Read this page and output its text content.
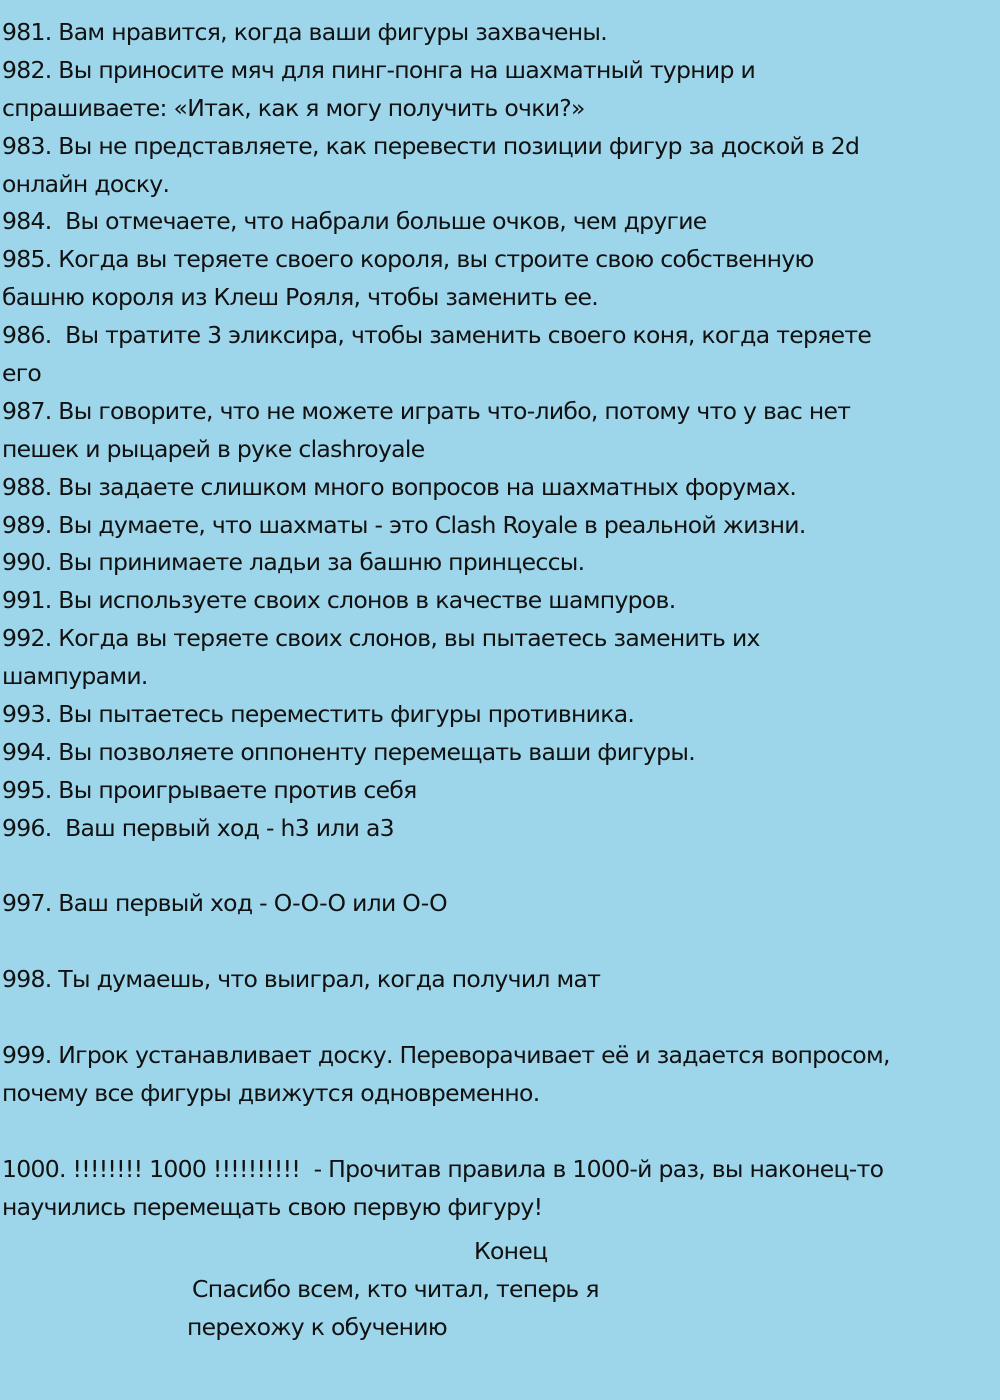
981. Вам нравится, когда ваши фигуры захвачены.
982. Вы приносите мяч для пинг-понга на шахматный турнир и
спрашиваете: «Итак, как я могу получить очки?»
983. Вы не представляете, как перевести позиции фигур за доской в 2d
онлайн доску.
984.  Вы отмечаете, что набрали больше очков, чем другие
985. Когда вы теряете своего короля, вы строите свою собственную
башню короля из Клеш Рояля, чтобы заменить ее.
986.  Вы тратите 3 эликсира, чтобы заменить своего коня, когда теряете
его
987. Вы говорите, что не можете играть что-либо, потому что у вас нет
пешек и рыцарей в руке clashroyale
988. Вы задаете слишком много вопросов на шахматных форумах.
989. Вы думаете, что шахматы - это Clash Royale в реальной жизни.
990. Вы принимаете ладьи за башню принцессы.
991. Вы используете своих слонов в качестве шампуров.
992. Когда вы теряете своих слонов, вы пытаетесь заменить их
шампурами.
993. Вы пытаетесь переместить фигуры противника.
994. Вы позволяете оппоненту перемещать ваши фигуры.
995. Вы проигрываете против себя
996.  Ваш первый ход - h3 или a3
997. Ваш первый ход - O-O-O или O-O
998. Ты думаешь, что выиграл, когда получил мат
999. Игрок устанавливает доску. Переворачивает её и задается вопросом,
почему все фигуры движутся одновременно.
1000. !!!!!!!! 1000 !!!!!!!!!!  - Прочитав правила в 1000-й раз, вы наконец-то
научились перемещать свою первую фигуру!
Конец
Спасибо всем, кто читал, теперь я
перехожу к обучению
